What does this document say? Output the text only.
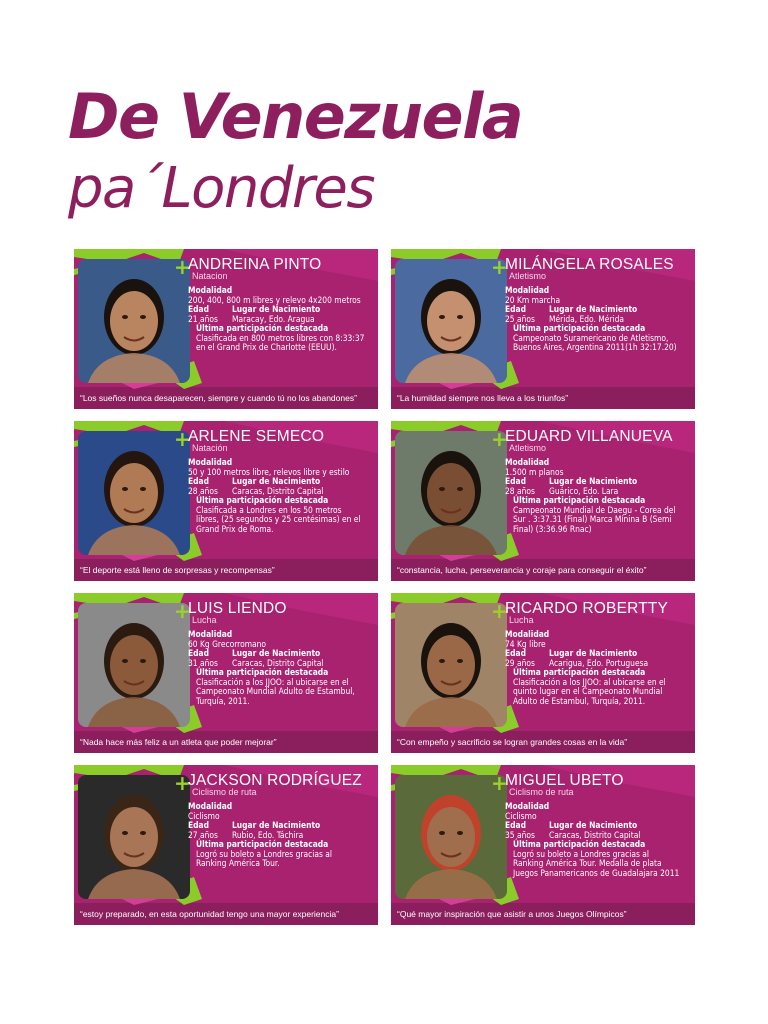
De Venezuela
pa´Londres
+
ANDREINA PINTO
Natacion
Modalidad
200, 400, 800 m libres y relevo 4x200 metros
Edad	Lugar de Nacimiento
21 años Maracay, Edo. Aragua
Última participación destacada
Clasificada en 800 metros libres con 8:33:37
en el Grand Prix de Charlotte (EEUU).
“Los sueños nunca desaparecen, siempre y cuando tú no los abandones”
+
MILÁNGELA ROSALES
Atletismo
Modalidad
20 Km marcha
Edad	Lugar de Nacimiento
25 años Mérida, Edo. Mérida
Última participación destacada
Campeonato Suramericano de Atletismo,
Buenos Aires, Argentina 2011(1h 32:17.20)
“La humildad siempre nos lleva a los triunfos”
+
ARLENE SEMECO
Natación
Modalidad
50 y 100 metros libre, relevos libre y estilo
Edad	Lugar de Nacimiento
28 años Caracas, Distrito Capital
Última participación destacada
Clasificada a Londres en los 50 metros
libres, (25 segundos y 25 centésimas) en el
Grand Prix de Roma.
“El deporte está lleno de sorpresas y recompensas”
+
EDUARD VILLANUEVA
Atletismo
Modalidad
1.500 m planos
Edad	Lugar de Nacimiento
28 años Guárico, Edo. Lara
Última participación destacada
Campeonato Mundial de Daegu - Corea del
Sur . 3:37.31 (Final) Marca Mínina B (Semi
Final) (3:36.96 Rnac)
“constancia, lucha, perseverancia y coraje para conseguir el éxito”
+
LUIS LIENDO
Lucha
Modalidad
60 Kg Grecorromano
Edad	Lugar de Nacimiento
31 años Caracas, Distrito Capital
Última participación destacada
Clasificación a los JJOO: al ubicarse en el
Campeonato Mundial Adulto de Estambul,
Turquía, 2011.
“Nada hace más feliz a un atleta que poder mejorar”
+
RICARDO ROBERTTY
Lucha
Modalidad
74 Kg libre
Edad	Lugar de Nacimiento
29 años Acarigua, Edo. Portuguesa
Última participación destacada
Clasificación a los JJOO: al ubicarse en el
quinto lugar en el Campeonato Mundial
Adulto de Estambul, Turquía, 2011.
“Con empeño y sacrificio se logran grandes cosas en la vida”
+
JACKSON RODRÍGUEZ
Ciclismo de ruta
Modalidad
Ciclismo
Edad	Lugar de Nacimiento
27 años Rubio, Edo. Táchira
Última participación destacada
Logró su boleto a Londres gracias al
Ranking América Tour.
“estoy preparado, en esta oportunidad tengo una mayor experiencia”
+
MIGUEL UBETO
Ciclismo de ruta
Modalidad
Ciclismo
Edad	Lugar de Nacimiento
35 años Caracas, Distrito Capital
Última participación destacada
Logró su boleto a Londres gracias al
Ranking América Tour. Medalla de plata
Juegos Panamericanos de Guadalajara 2011
“Qué mayor inspiración que asistir a unos Juegos Olímpicos”
